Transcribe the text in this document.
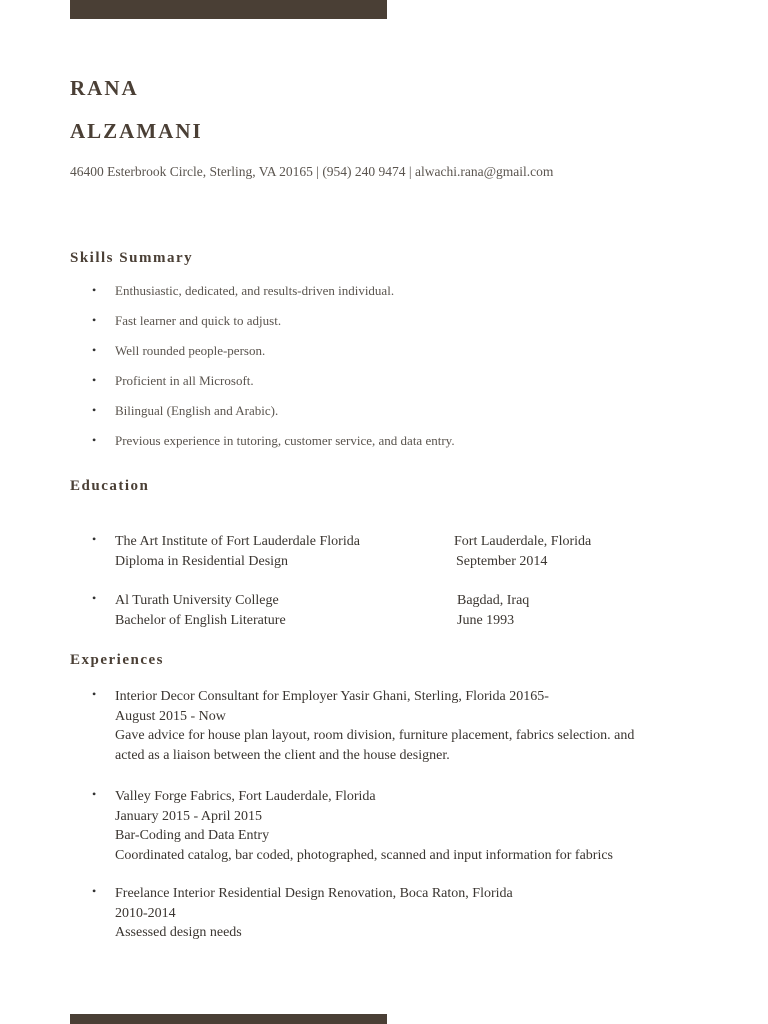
RANA
ALZAMANI
46400 Esterbrook Circle, Sterling, VA 20165 | (954) 240 9474 | alwachi.rana@gmail.com
Skills Summary
• Enthusiastic, dedicated, and results-driven individual.
• Fast learner and quick to adjust.
• Well rounded people-person.
• Proficient in all Microsoft.
• Bilingual (English and Arabic).
• Previous experience in tutoring, customer service, and data entry.
Education
• The Art Institute of Fort Lauderdale Florida	Fort Lauderdale, Florida
Diploma in Residential Design	September 2014
• Al Turath University College	Bagdad, Iraq
Bachelor of English Literature	June 1993
Experiences
•	Interior Decor Consultant for Employer Yasir Ghani, Sterling, Florida 20165-
August 2015 - Now
Gave advice for house plan layout, room division, furniture placement, fabrics selection. and
acted as a liaison between the client and the house designer.
•	Valley Forge Fabrics, Fort Lauderdale, Florida
January 2015 - April 2015
Bar-Coding and Data Entry
Coordinated catalog, bar coded, photographed, scanned and input information for fabrics
•	Freelance Interior Residential Design Renovation, Boca Raton, Florida
2010-2014
Assessed design needs
